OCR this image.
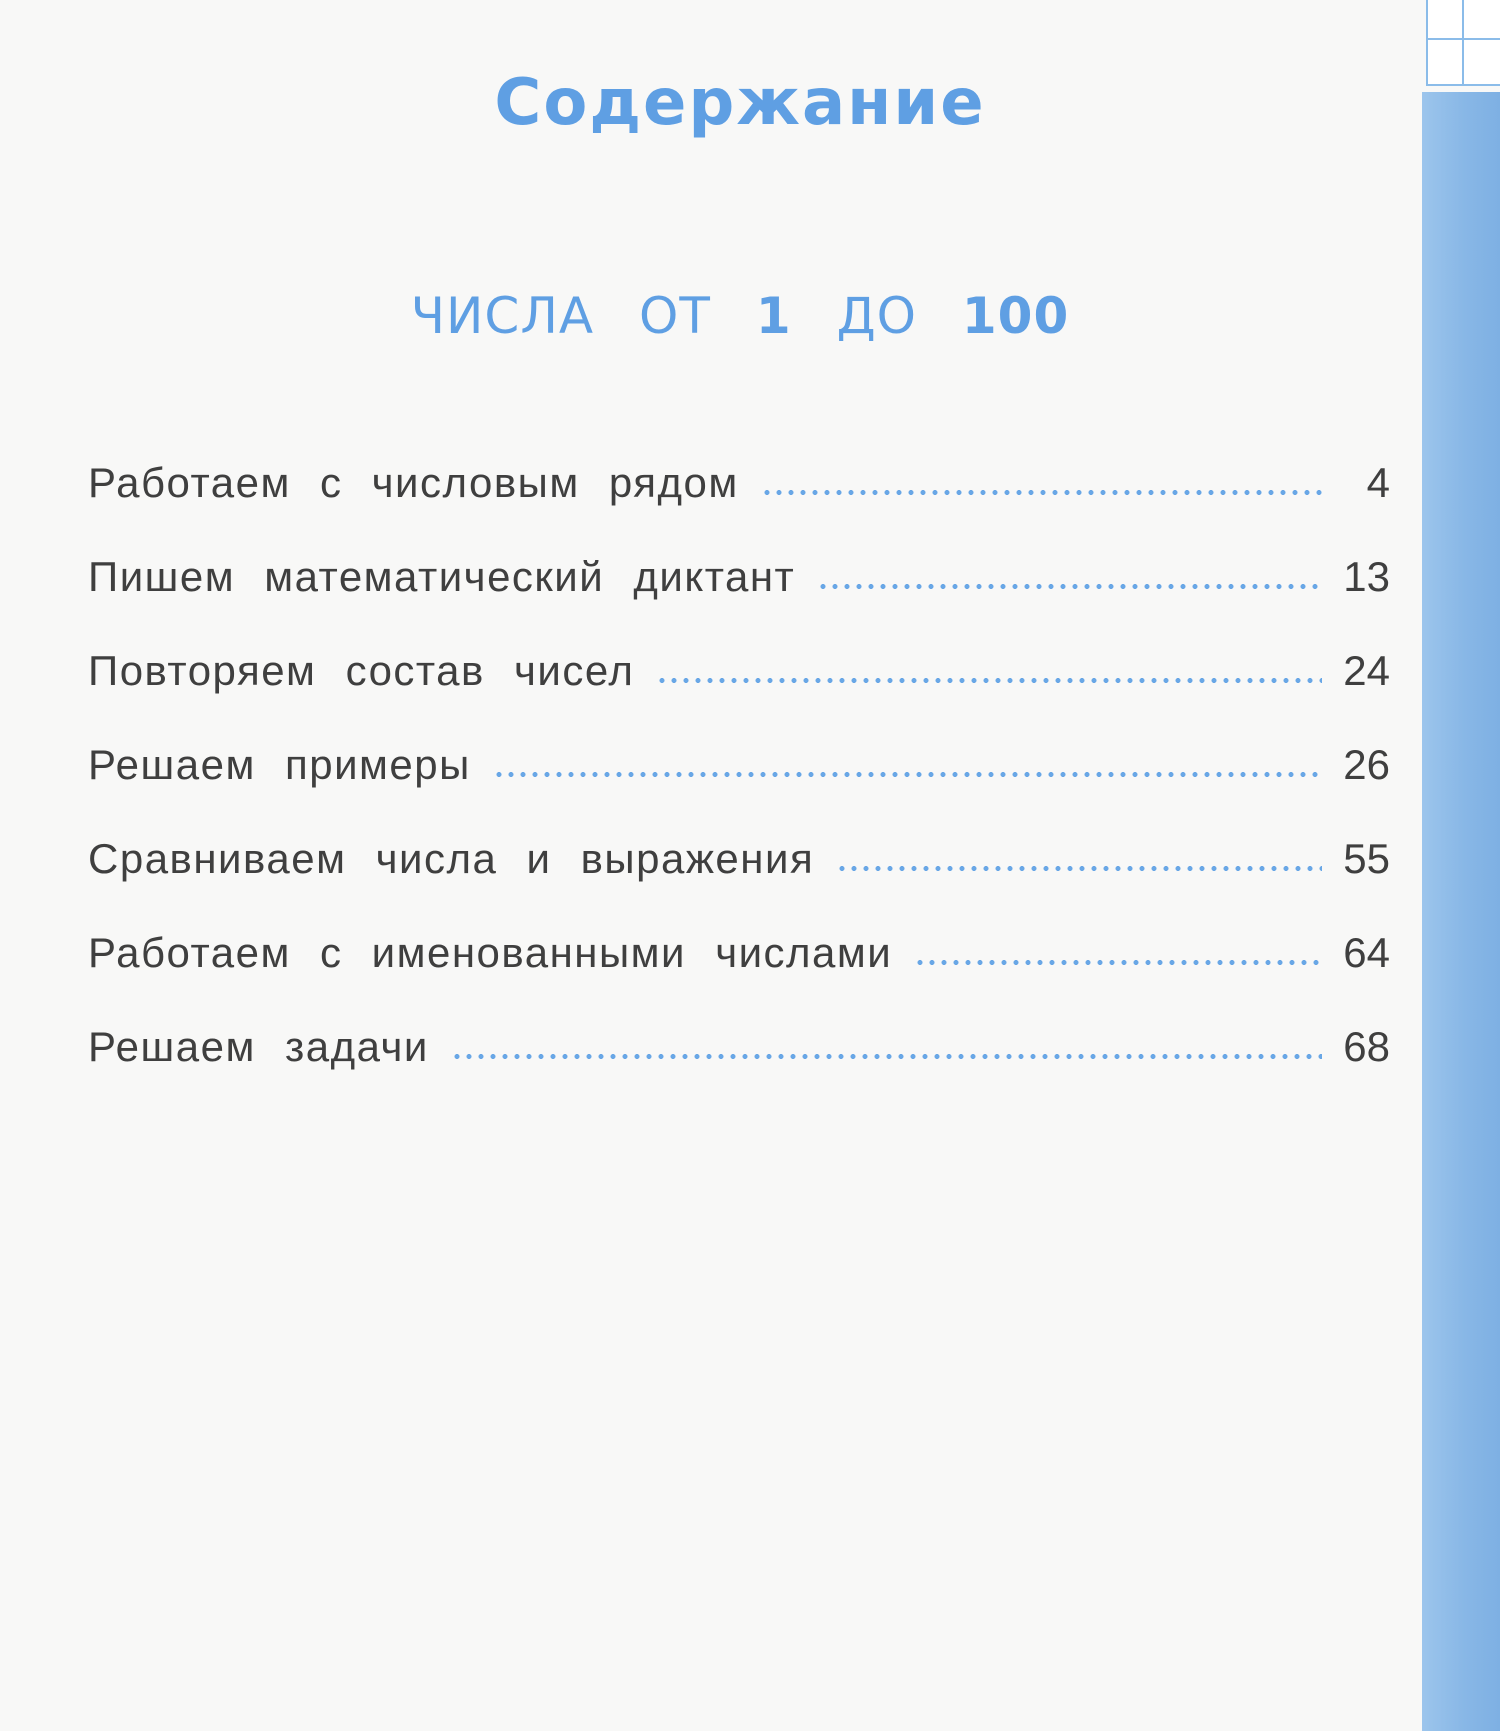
Содержание
ЧИСЛА ОТ 1 ДО 100
Работаем с числовым рядом	4
Пишем математический диктант	13
Повторяем состав чисел	24
Решаем примеры	26
Сравниваем числа и выражения	55
Работаем с именованными числами	64
Решаем задачи	68
